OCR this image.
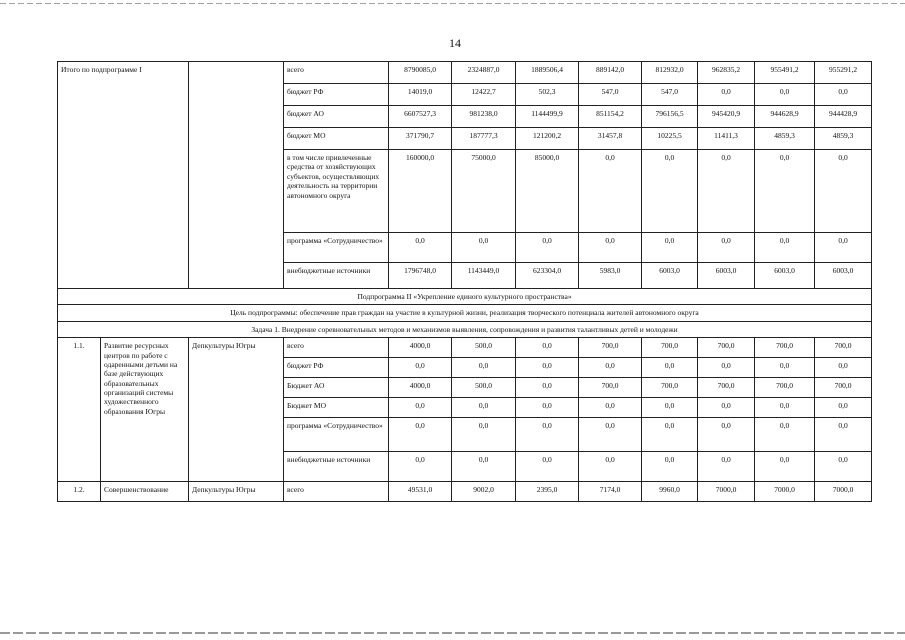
14
Итого по подпрограмме I			всего	8790085,0	2324887,0	1889506,4	889142,0	812932,0	962835,2	955491,2	955291,2
			бюджет РФ	14019,0	12422,7	502,3	547,0	547,0	0,0	0,0	0,0
			бюджет АО	6607527,3	981238,0	1144499,9	851154,2	796156,5	945420,9	944628,9	944428,9
			бюджет МО	371790,7	187777,3	121200,2	31457,8	10225,5	11411,3	4859,3	4859,3
			в том числе привлеченные средства от хозяйствующих субъектов, осуществляющих деятельность на территории автономного округа	160000,0	75000,0	85000,0	0,0	0,0	0,0	0,0	0,0
			программа «Сотрудничество»	0,0	0,0	0,0	0,0	0,0	0,0	0,0	0,0
			внебюджетные источники	1796748,0	1143449,0	623304,0	5983,0	6003,0	6003,0	6003,0	6003,0
Подпрограмма II «Укрепление единого культурного пространства»											
Цель подпрограммы: обеспечение прав граждан на участие в культурной жизни, реализация творческого потенциала жителей автономного округа											
Задача 1. Внедрение соревновательных методов и механизмов выявления, сопровождения и развития талантливых детей и молодежи											
1.1.	Развитие ресурсных центров по работе с одаренными детьми на базе действующих образовательных организаций системы художественного образования Югры	Депкультуры Югры	всего	4000,0	500,0	0,0	700,0	700,0	700,0	700,0	700,0
			бюджет РФ	0,0	0,0	0,0	0,0	0,0	0,0	0,0	0,0
			Бюджет АО	4000,0	500,0	0,0	700,0	700,0	700,0	700,0	700,0
			Бюджет МО	0,0	0,0	0,0	0,0	0,0	0,0	0,0	0,0
			программа «Сотрудничество»	0,0	0,0	0,0	0,0	0,0	0,0	0,0	0,0
			внебюджетные источники	0,0	0,0	0,0	0,0	0,0	0,0	0,0	0,0
1.2.	Совершенствование	Депкультуры Югры	всего	49531,0	9002,0	2395,0	7174,0	9960,0	7000,0	7000,0	7000,0
